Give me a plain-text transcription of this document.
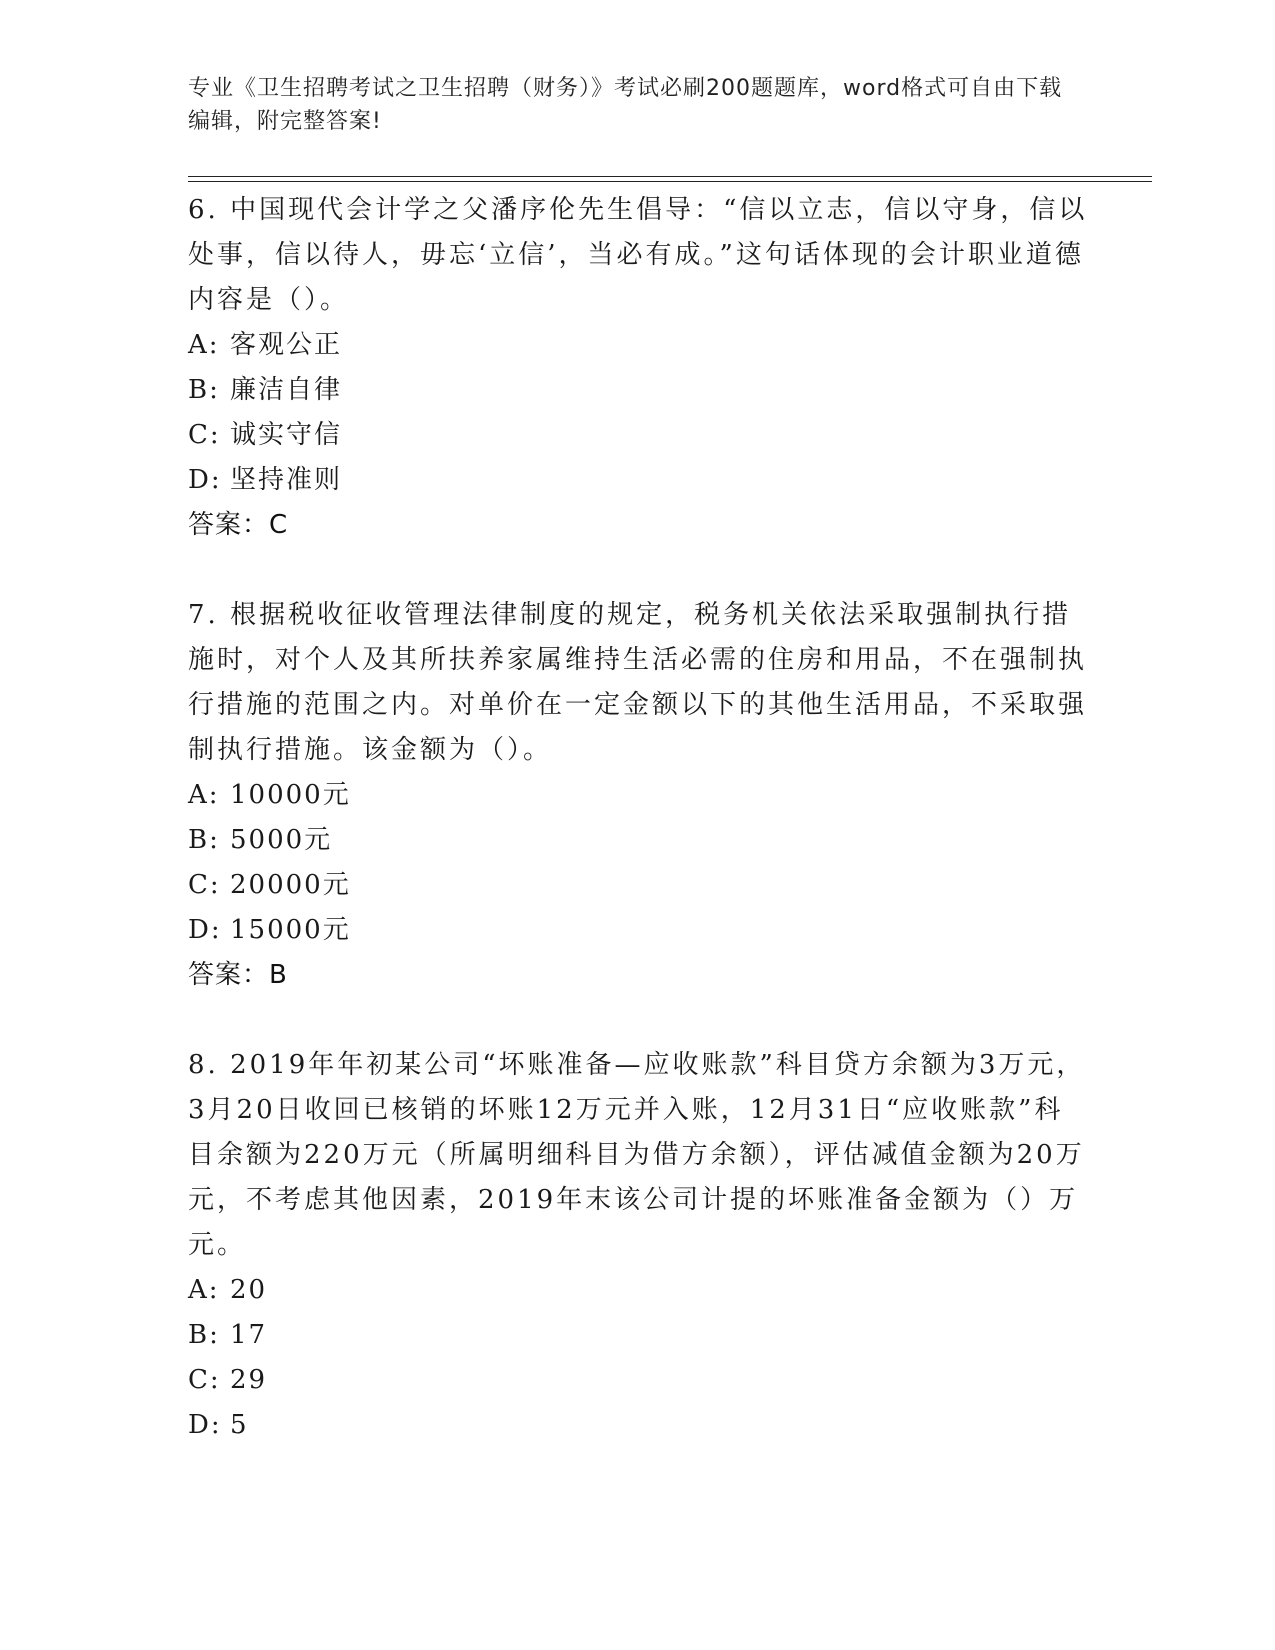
专业《卫生招聘考试之卫生招聘（财务）》考试必刷200题题库，word格式可自由下载编辑，附完整答案!

6. 中国现代会计学之父潘序伦先生倡导：“信以立志，信以守身，信以处事，信以待人，毋忘‘立信’，当必有成。”这句话体现的会计职业道德内容是（）。

A: 客观公正

B: 廉洁自律

C: 诚实守信

D: 坚持准则

答案：C

7. 根据税收征收管理法律制度的规定，税务机关依法采取强制执行措施时，对个人及其所扶养家属维持生活必需的住房和用品，不在强制执行措施的范围之内。对单价在一定金额以下的其他生活用品，不采取强制执行措施。该金额为（）。

A: 10000元

B: 5000元

C: 20000元

D: 15000元

答案：B

8. 2019年年初某公司“坏账准备—应收账款”科目贷方余额为3万元，3月20日收回已核销的坏账12万元并入账，12月31日“应收账款”科目余额为220万元（所属明细科目为借方余额），评估减值金额为20万元，不考虑其他因素，2019年末该公司计提的坏账准备金额为（）万元。

A: 20

B: 17

C: 29

D: 5
